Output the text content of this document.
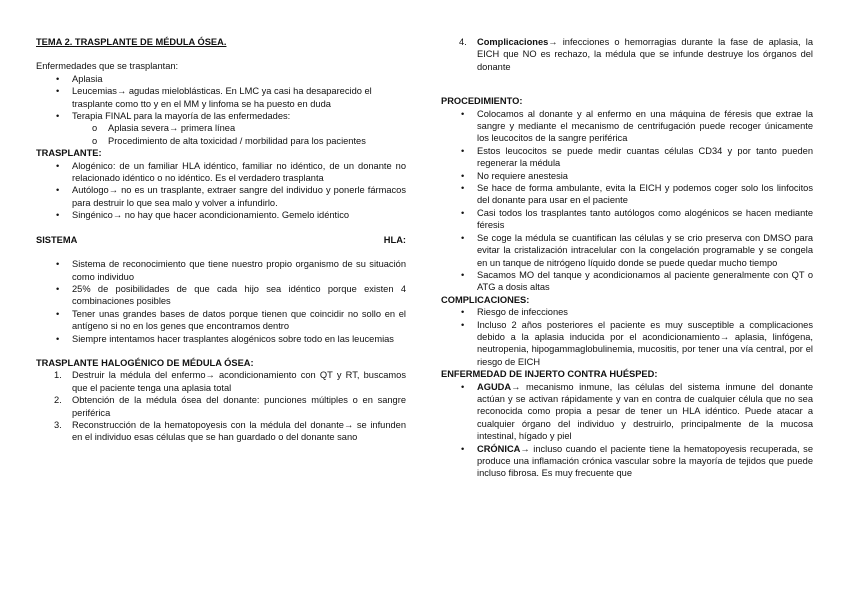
TEMA 2. TRASPLANTE DE MÉDULA ÓSEA.

Enfermedades que se trasplantan:

• Aplasia
• Leucemias→ agudas mieloblásticas. En LMC ya casi ha desaparecido el trasplante como tto y en el MM y linfoma se ha puesto en duda
• Terapia FINAL para la mayoría de las enfermedades:
o Aplasia severa→ primera línea
o Procedimiento de alta toxicidad / morbilidad para los pacientes

TRASPLANTE:

• Alogénico: de un familiar HLA idéntico, familiar no idéntico, de un donante no relacionado idéntico o no idéntico. Es el verdadero trasplanta
• Autólogo→ no es un trasplante, extraer sangre del individuo y ponerle fármacos para destruir lo que sea malo y volver a infundirlo.
• Singénico→ no hay que hacer acondicionamiento. Gemelo idéntico
SISTEMA	HLA:
• Sistema de reconocimiento que tiene nuestro propio organismo de su situación como individuo
• 25% de posibilidades de que cada hijo sea idéntico porque existen 4 combinaciones posibles
• Tener unas grandes bases de datos porque tienen que coincidir no sollo en el antígeno si no en los genes que encontramos dentro
• Siempre intentamos hacer trasplantes alogénicos sobre todo en las leucemias

TRASPLANTE HALOGÉNICO DE MÉDULA ÓSEA:

1. Destruir la médula del enfermo→ acondicionamiento con QT y RT, buscamos que el paciente tenga una aplasia total
2. Obtención de la médula ósea del donante: punciones múltiples o en sangre periférica
3. Reconstrucción de la hematopoyesis con la médula del donante→ se infunden en el individuo esas células que se han guardado o del donante sano
4. Complicaciones→ infecciones o hemorragias durante la fase de aplasia, la EICH que NO es rechazo, la médula que se infunde destruye los órganos del donante

PROCEDIMIENTO:

• Colocamos al donante y al enfermo en una máquina de féresis que extrae la sangre y mediante el mecanismo de centrifugación puede recoger únicamente los leucocitos de la sangre periférica
• Estos leucocitos se puede medir cuantas células CD34 y por tanto pueden regenerar la médula
• No requiere anestesia
• Se hace de forma ambulante, evita la EICH y podemos coger solo los linfocitos del donante para usar en el paciente
• Casi todos los trasplantes tanto autólogos como alogénicos se hacen mediante féresis
• Se coge la médula se cuantifican las células y se crio preserva con DMSO para evitar la cristalización intracelular con la congelación programable y se congela en un tanque de nitrógeno líquido donde se puede quedar mucho tiempo
• Sacamos MO del tanque y acondicionamos al paciente generalmente con QT o ATG a dosis altas

COMPLICACIONES:

• Riesgo de infecciones
• Incluso 2 años posteriores el paciente es muy susceptible a complicaciones debido a la aplasia inducida por el acondicionamiento→ aplasia, linfógena, neutropenia, hipogammaglobulinemia, mucositis, por tener una vía central, por el riesgo de EICH

ENFERMEDAD DE INJERTO CONTRA HUÉSPED:

• AGUDA→ mecanismo inmune, las células del sistema inmune del donante actúan y se activan rápidamente y van en contra de cualquier célula que no sea reconocida como propia a pesar de tener un HLA idéntico. Puede atacar a cualquier órgano del individuo y destruirlo, principalmente de la mucosa intestinal, hígado y piel
• CRÓNICA→ incluso cuando el paciente tiene la hematopoyesis recuperada, se produce una inflamación crónica vascular sobre la mayoría de tejidos que puede incluso fibrosa. Es muy frecuente que
